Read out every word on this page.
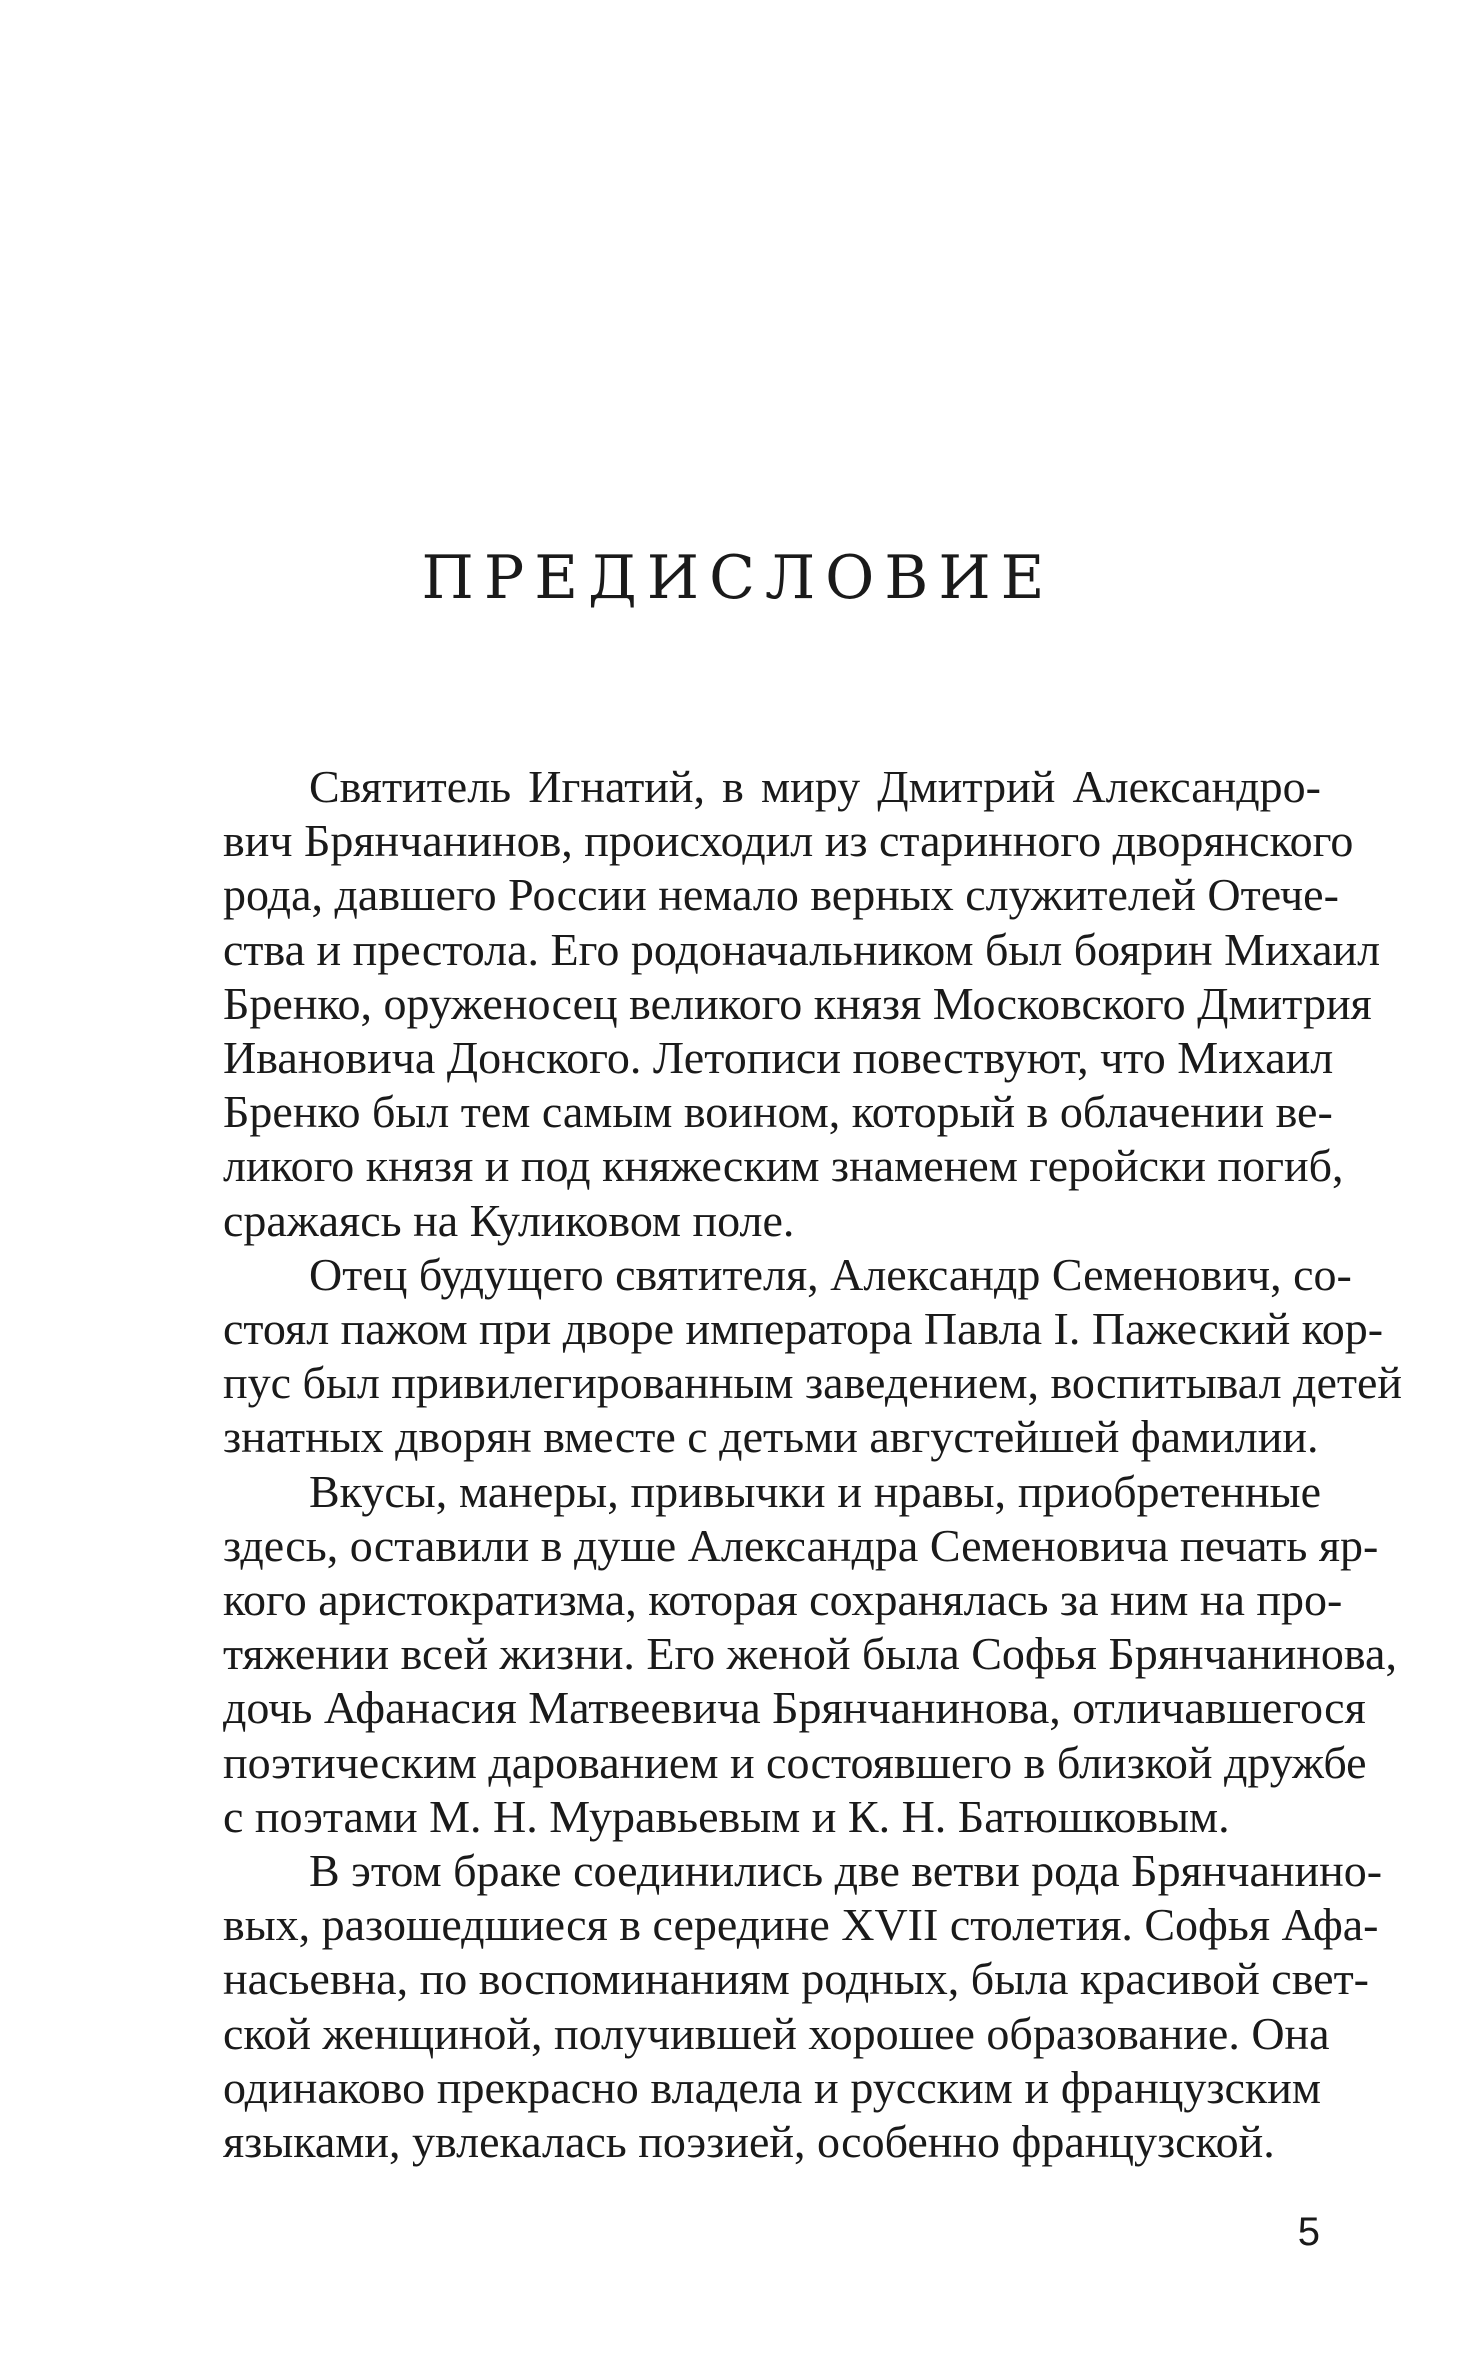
ПРЕДИСЛОВИЕ
Святитель Игнатий, в миру Дмитрий Александро-
вич Брянчанинов, происходил из старинного дворянского
рода, давшего России немало верных служителей Отече-
ства и престола. Его родоначальником был боярин Михаил
Бренко, оруженосец великого князя Московского Дмитрия
Ивановича Донского. Летописи повествуют, что Михаил
Бренко был тем самым воином, который в облачении ве-
ликого князя и под княжеским знаменем геройски погиб,
сражаясь на Куликовом поле.
Отец будущего святителя, Александр Семенович, со-
стоял пажом при дворе императора Павла I. Пажеский кор-
пус был привилегированным заведением, воспитывал детей
знатных дворян вместе с детьми августейшей фамилии.
Вкусы, манеры, привычки и нравы, приобретенные
здесь, оставили в душе Александра Семеновича печать яр-
кого аристократизма, которая сохранялась за ним на про-
тяжении всей жизни. Его женой была Софья Брянчанинова,
дочь Афанасия Матвеевича Брянчанинова, отличавшегося
поэтическим дарованием и состоявшего в близкой дружбе
с поэтами М. Н. Муравьевым и К. Н. Батюшковым.
В этом браке соединились две ветви рода Брянчанино-
вых, разошедшиеся в середине XVII столетия. Софья Афа-
насьевна, по воспоминаниям родных, была красивой свет-
ской женщиной, получившей хорошее образование. Она
одинаково прекрасно владела и русским и французским
языками, увлекалась поэзией, особенно французской.
5
